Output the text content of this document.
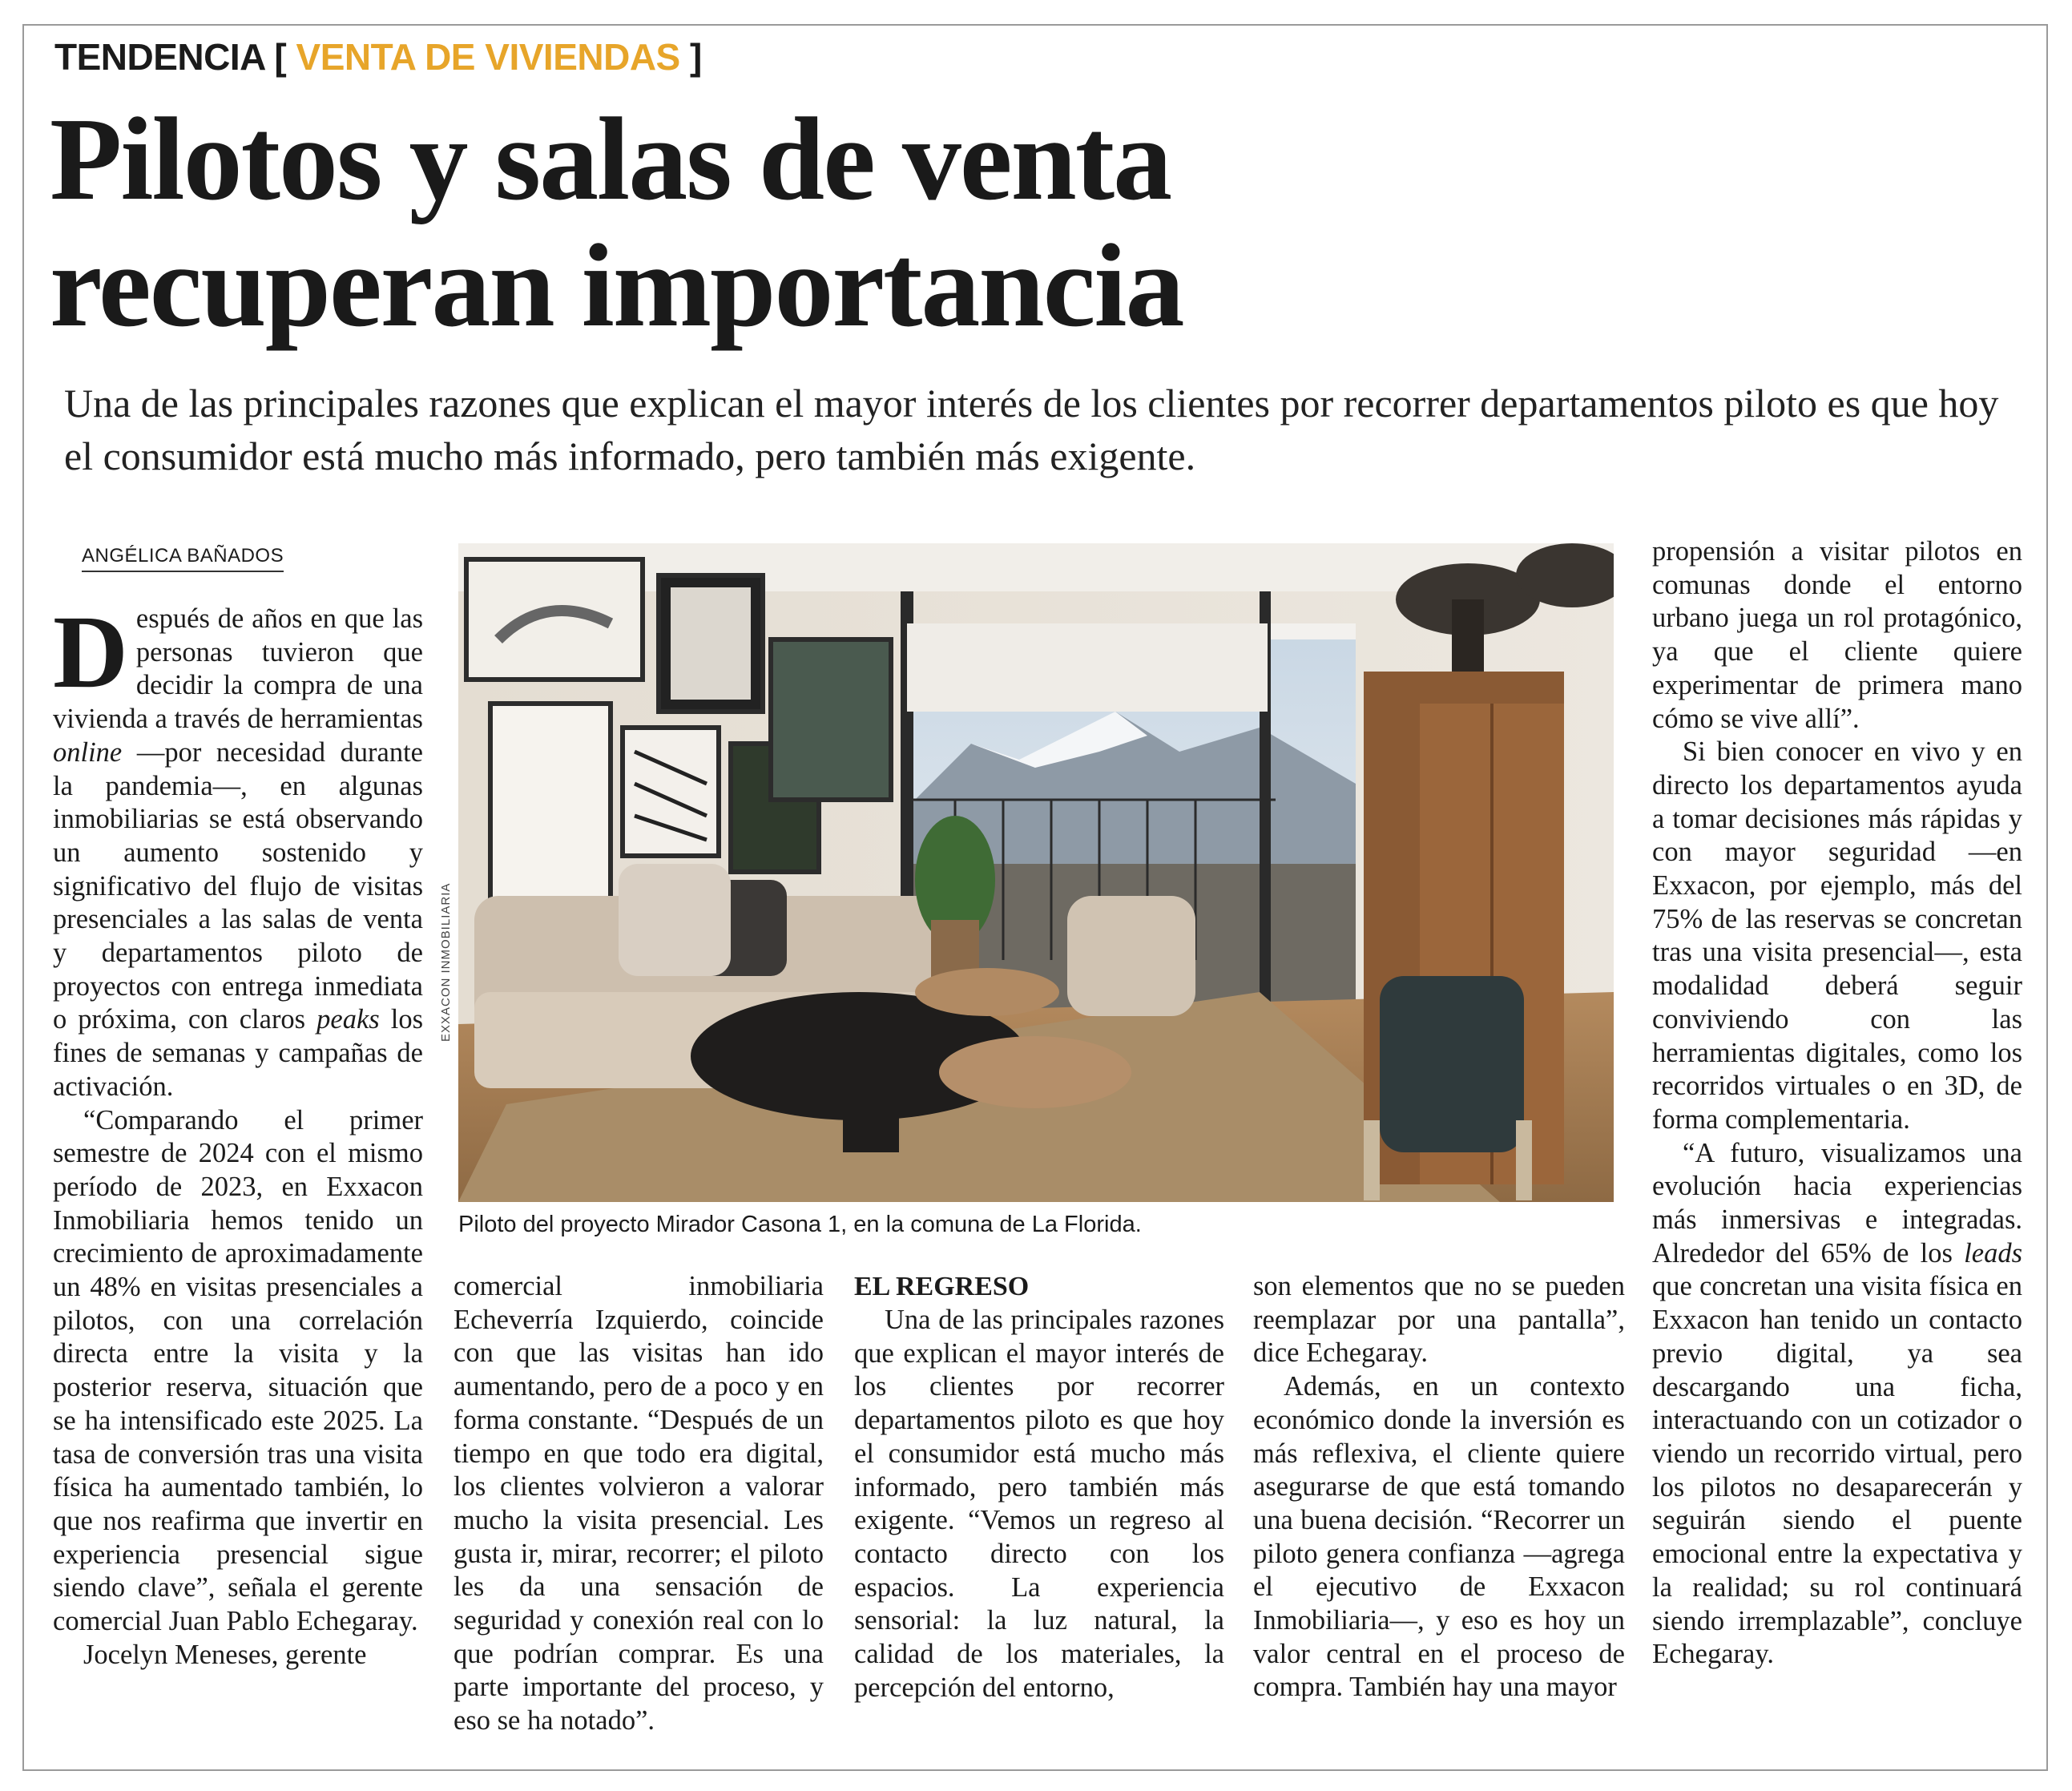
TENDENCIA [ VENTA DE VIVIENDAS ]
Pilotos y salas de venta
recuperan importancia
Una de las principales razones que explican el mayor interés de los clientes por recorrer departamentos piloto es que hoy el consumidor está mucho más informado, pero también más exigente.
ANGÉLICA BAÑADOS

Después de años en que las personas tuvieron que decidir la compra de una vivienda a través de herramientas online —por necesidad durante la pandemia—, en algunas inmobiliarias se está observando un aumento sostenido y significativo del flujo de visitas presenciales a las salas de venta y departamentos piloto de proyectos con entrega inmediata o próxima, con claros peaks los fines de semanas y campañas de activación.

“Comparando el primer semestre de 2024 con el mismo período de 2023, en Exxacon Inmobiliaria hemos tenido un crecimiento de aproximadamente un 48% en visitas presenciales a pilotos, con una correlación directa entre la visita y la posterior reserva, situación que se ha intensificado este 2025. La tasa de conversión tras una visita física ha aumentado también, lo que nos reafirma que invertir en experiencia presencial sigue siendo clave”, señala el gerente comercial Juan Pablo Echegaray.

Jocelyn Meneses, gerente

EXXACON INMOBILIARIA
Piloto del proyecto Mirador Casona 1, en la comuna de La Florida.

comercial inmobiliaria Echeverría Izquierdo, coincide con que las visitas han ido aumentando, pero de a poco y en forma constante. “Después de un tiempo en que todo era digital, los clientes volvieron a valorar mucho la visita presencial. Les gusta ir, mirar, recorrer; el piloto les da una sensación de seguridad y conexión real con lo que podrían comprar. Es una parte importante del proceso, y eso se ha notado”.

EL REGRESO

Una de las principales razones que explican el mayor interés de los clientes por recorrer departamentos piloto es que hoy el consumidor está mucho más informado, pero también más exigente. “Vemos un regreso al contacto directo con los espacios. La experiencia sensorial: la luz natural, la calidad de los materiales, la percepción del entorno,

son elementos que no se pueden reemplazar por una pantalla”, dice Echegaray.

Además, en un contexto económico donde la inversión es más reflexiva, el cliente quiere asegurarse de que está tomando una buena decisión. “Recorrer un piloto genera confianza —agrega el ejecutivo de Exxacon Inmobiliaria—, y eso es hoy un valor central en el proceso de compra. También hay una mayor

propensión a visitar pilotos en comunas donde el entorno urbano juega un rol protagónico, ya que el cliente quiere experimentar de primera mano cómo se vive allí”.

Si bien conocer en vivo y en directo los departamentos ayuda a tomar decisiones más rápidas y con mayor seguridad —en Exxacon, por ejemplo, más del 75% de las reservas se concretan tras una visita presencial—, esta modalidad deberá seguir conviviendo con las herramientas digitales, como los recorridos virtuales o en 3D, de forma complementaria.

“A futuro, visualizamos una evolución hacia experiencias más inmersivas e integradas. Alrededor del 65% de los leads que concretan una visita física en Exxacon han tenido un contacto previo digital, ya sea descargando una ficha, interactuando con un cotizador o viendo un recorrido virtual, pero los pilotos no desaparecerán y seguirán siendo el puente emocional entre la expectativa y la realidad; su rol continuará siendo irremplazable”, concluye Echegaray.
